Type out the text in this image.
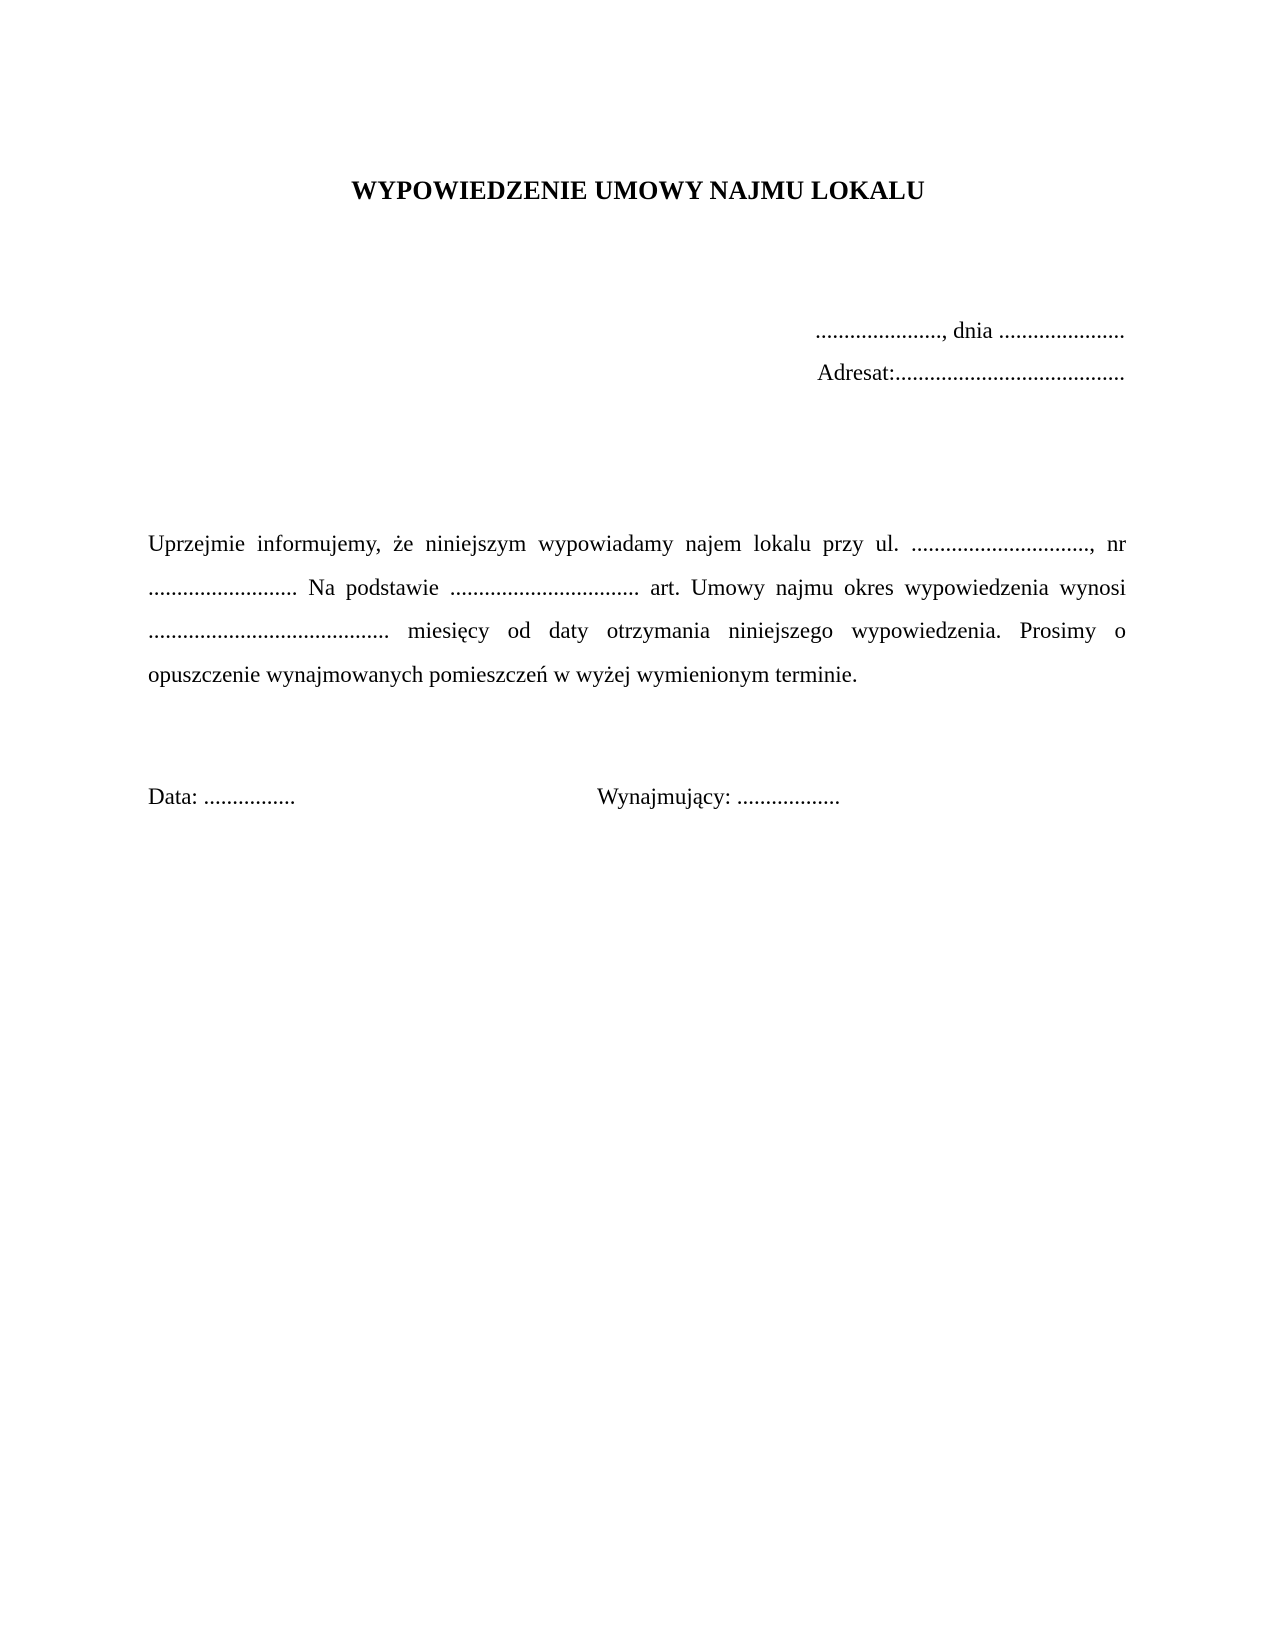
WYPOWIEDZENIE UMOWY NAJMU LOKALU
......................, dnia ......................
Adresat:........................................

Uprzejmie informujemy, że niniejszym wypowiadamy najem lokalu przy ul. ..............................., nr .......................... Na podstawie ................................. art. Umowy najmu okres wypowiedzenia wynosi .......................................... miesięcy od daty otrzymania niniejszego wypowiedzenia. Prosimy o opuszczenie wynajmowanych pomieszczeń w wyżej wymienionym terminie.

Data: ................	Wynajmujący: ..................
